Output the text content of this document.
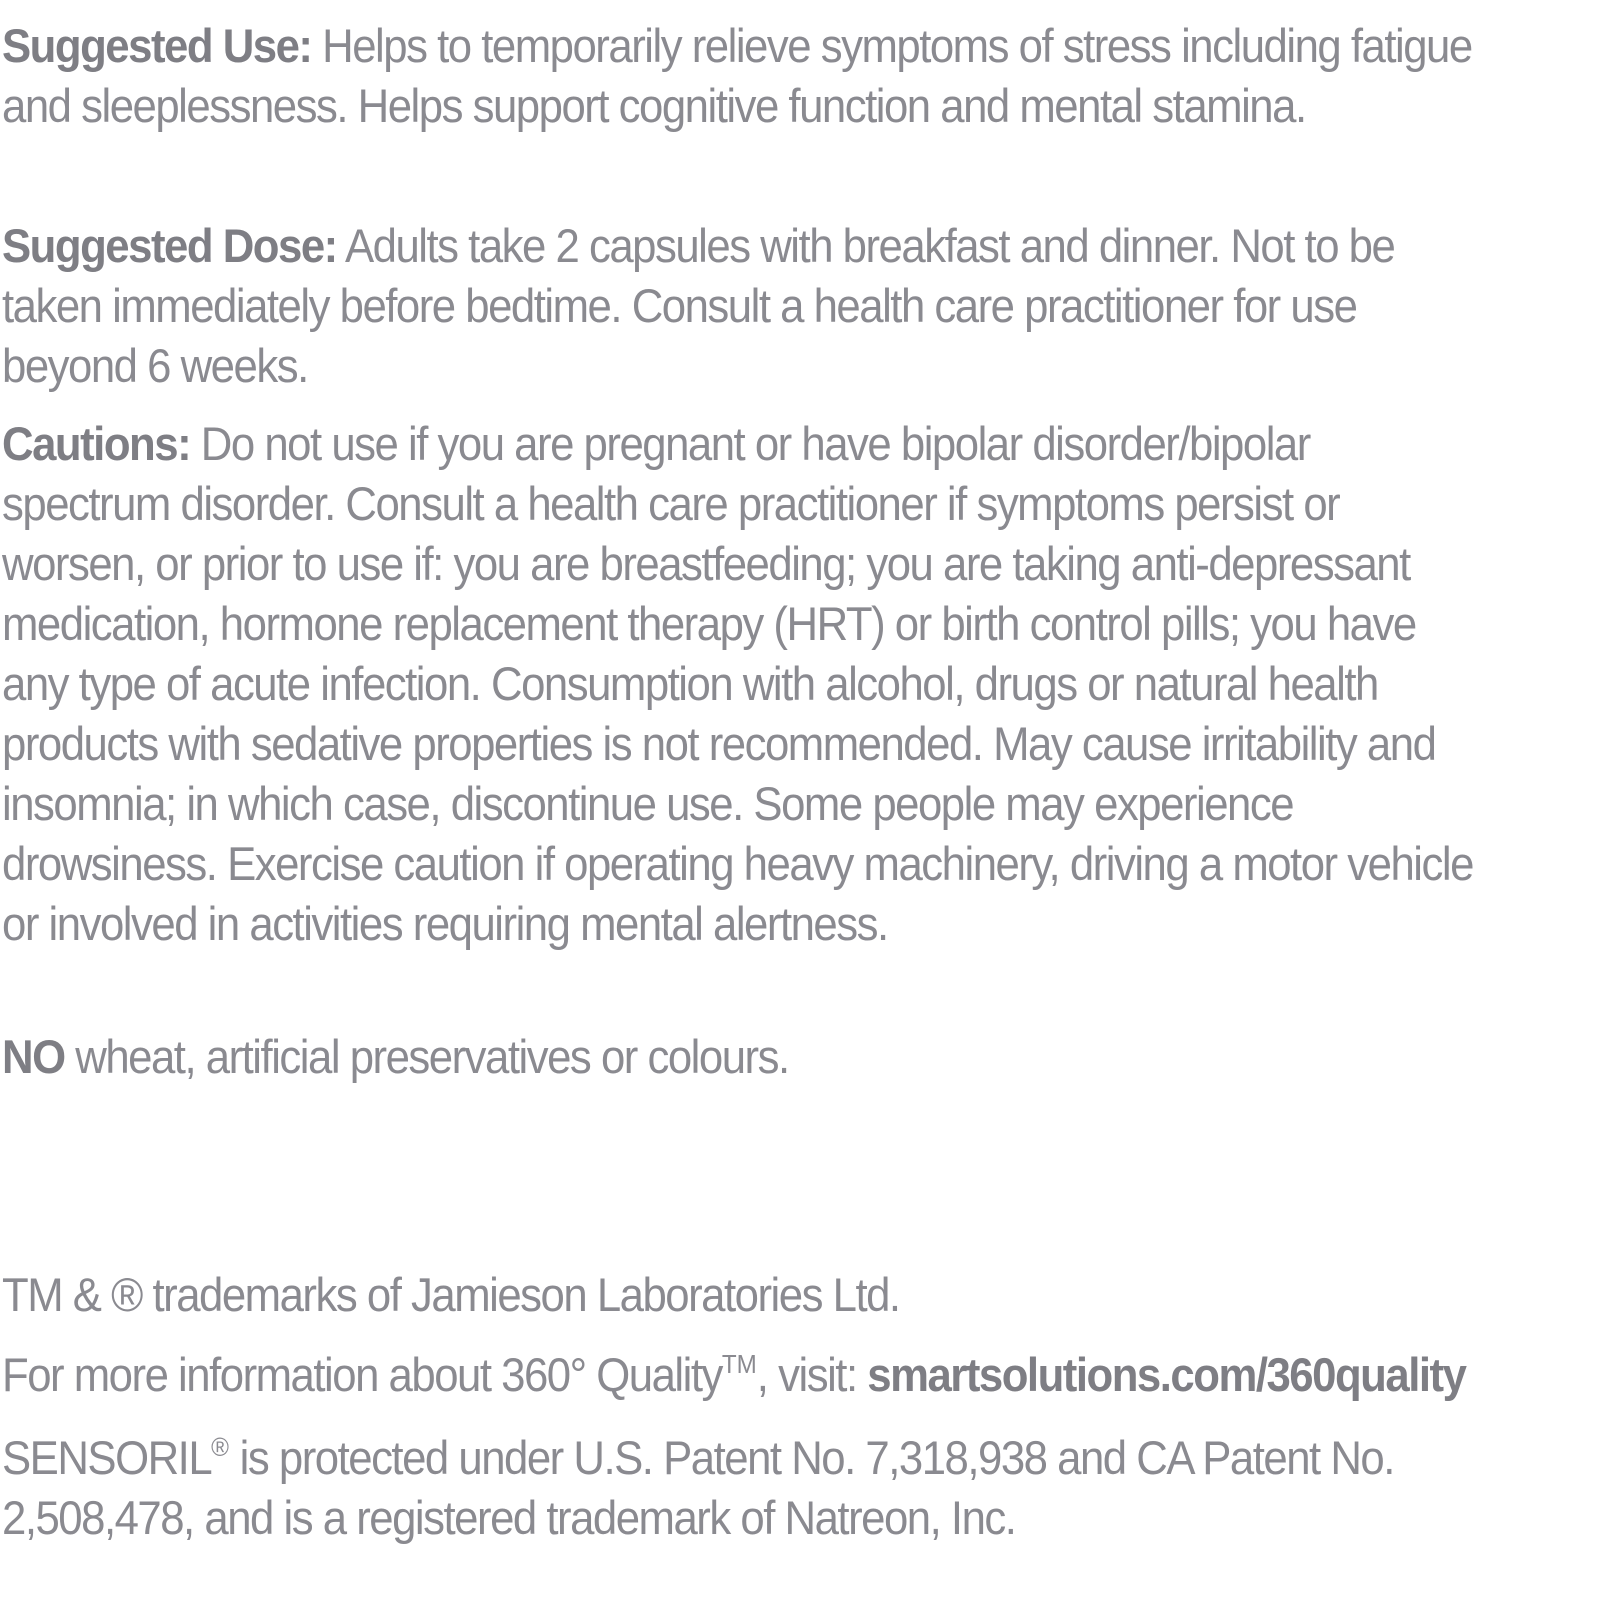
Suggested Use: Helps to temporarily relieve symptoms of stress including fatigue and sleeplessness. Helps support cognitive function and mental stamina.

Suggested Dose: Adults take 2 capsules with breakfast and dinner. Not to be taken immediately before bedtime. Consult a health care practitioner for use beyond 6 weeks.

Cautions: Do not use if you are pregnant or have bipolar disorder/bipolar spectrum disorder. Consult a health care practitioner if symptoms persist or worsen, or prior to use if: you are breastfeeding; you are taking anti-depressant medication, hormone replacement therapy (HRT) or birth control pills; you have any type of acute infection. Consumption with alcohol, drugs or natural health products with sedative properties is not recommended. May cause irritability and insomnia; in which case, discontinue use. Some people may experience drowsiness. Exercise caution if operating heavy machinery, driving a motor vehicle or involved in activities requiring mental alertness.

NO wheat, artificial preservatives or colours.

TM & ® trademarks of Jamieson Laboratories Ltd.

For more information about 360° Quality™, visit: smartsolutions.com/360quality

SENSORIL® is protected under U.S. Patent No. 7,318,938 and CA Patent No. 2,508,478, and is a registered trademark of Natreon, Inc.
